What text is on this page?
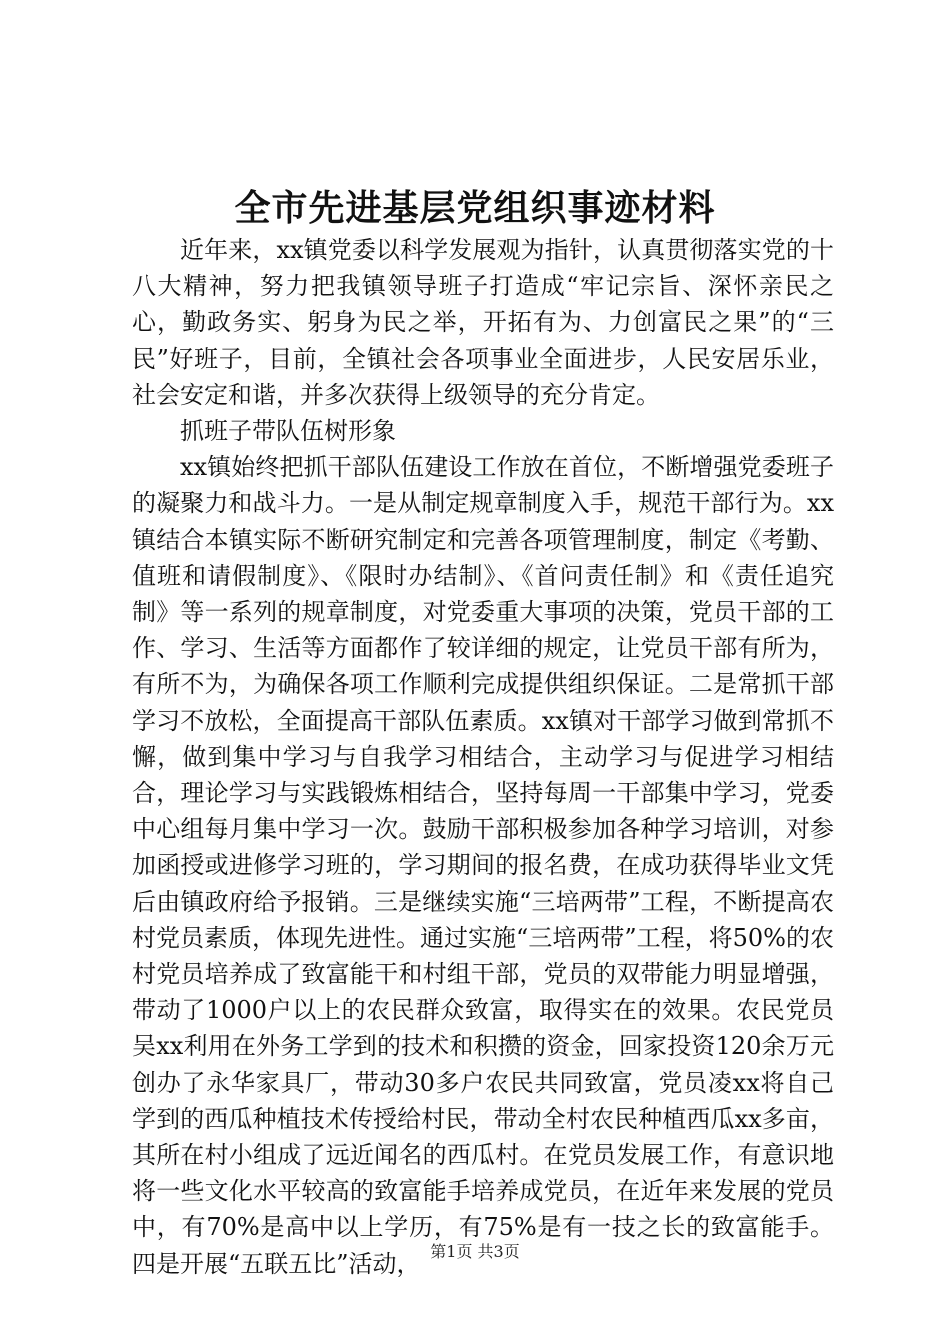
全市先进基层党组织事迹材料

近年来，xx镇党委以科学发展观为指针，认真贯彻落实党的十八大精神，努力把我镇领导班子打造成“牢记宗旨、深怀亲民之心，勤政务实、躬身为民之举，开拓有为、力创富民之果”的“三民”好班子，目前，全镇社会各项事业全面进步，人民安居乐业，社会安定和谐，并多次获得上级领导的充分肯定。

抓班子带队伍树形象

xx镇始终把抓干部队伍建设工作放在首位，不断增强党委班子的凝聚力和战斗力。一是从制定规章制度入手，规范干部行为。xx镇结合本镇实际不断研究制定和完善各项管理制度，制定《考勤、值班和请假制度》、《限时办结制》、《首问责任制》和《责任追究制》等一系列的规章制度，对党委重大事项的决策，党员干部的工作、学习、生活等方面都作了较详细的规定，让党员干部有所为，有所不为，为确保各项工作顺利完成提供组织保证。二是常抓干部学习不放松，全面提高干部队伍素质。xx镇对干部学习做到常抓不懈，做到集中学习与自我学习相结合，主动学习与促进学习相结合，理论学习与实践锻炼相结合，坚持每周一干部集中学习，党委中心组每月集中学习一次。鼓励干部积极参加各种学习培训，对参加函授或进修学习班的，学习期间的报名费，在成功获得毕业文凭后由镇政府给予报销。三是继续实施“三培两带”工程，不断提高农村党员素质，体现先进性。通过实施“三培两带”工程，将50%的农村党员培养成了致富能干和村组干部，党员的双带能力明显增强，带动了1000户以上的农民群众致富，取得实在的效果。农民党员吴xx利用在外务工学到的技术和积攒的资金，回家投资120余万元创办了永华家具厂，带动30多户农民共同致富，党员凌xx将自己学到的西瓜种植技术传授给村民，带动全村农民种植西瓜xx多亩，其所在村小组成了远近闻名的西瓜村。在党员发展工作，有意识地将一些文化水平较高的致富能手培养成党员，在近年来发展的党员中，有70%是高中以上学历，有75%是有一技之长的致富能手。四是开展“五联五比”活动， 第1页 共3页
